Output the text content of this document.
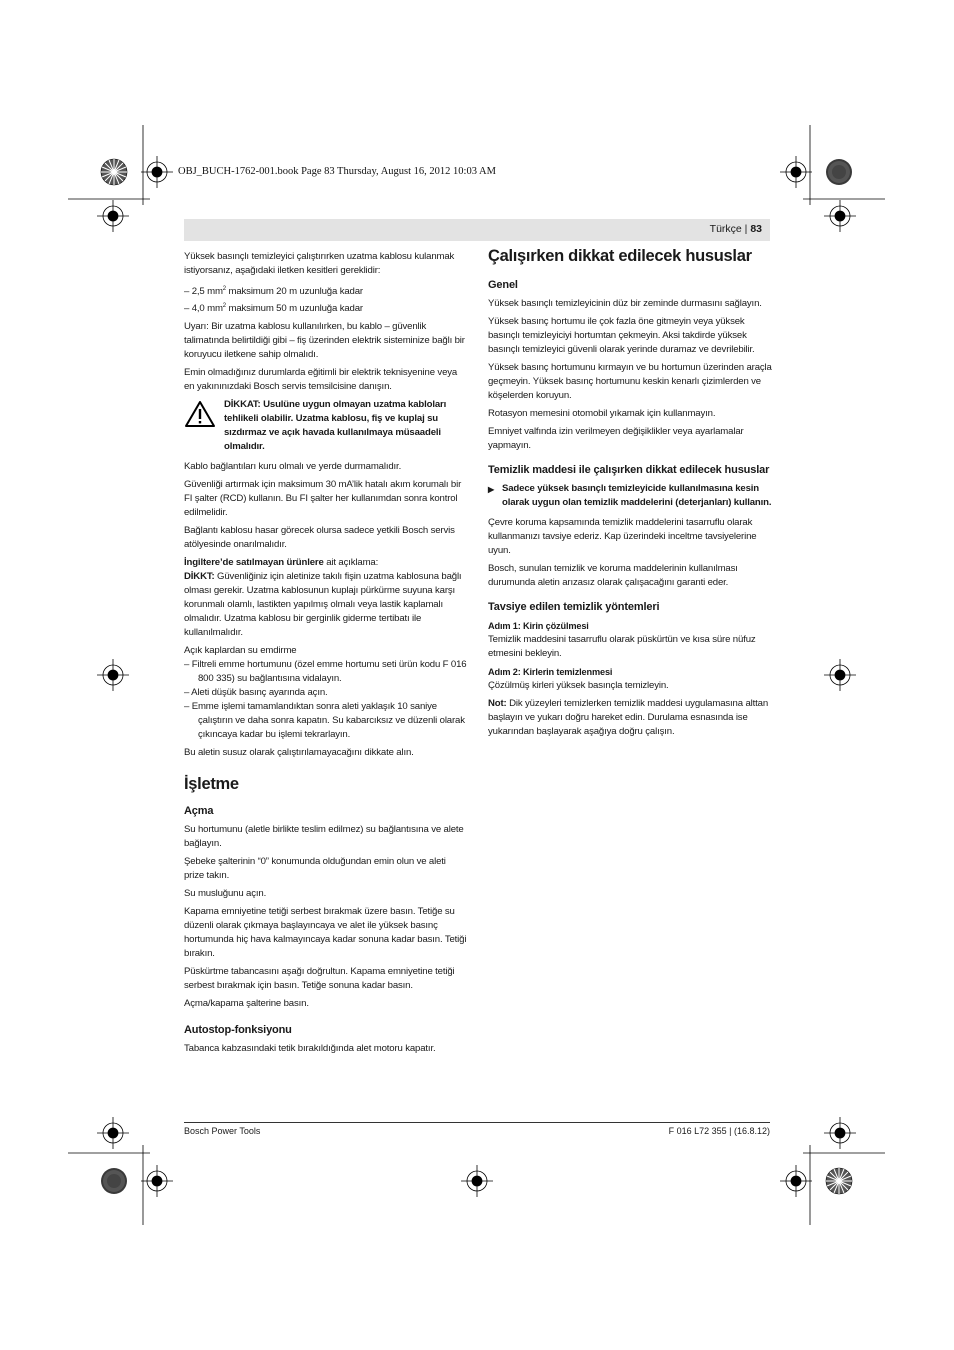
OBJ_BUCH-1762-001.book Page 83 Thursday, August 16, 2012 10:03 AM
Türkçe | 83

Yüksek basınçlı temizleyici çalıştırırken uzatma kablosu kulanmak istiyorsanız, aşağıdaki iletken kesitleri gereklidir:

– 2,5 $mm^2$ maksimum 20 m uzunluğa kadar

– 4,0 $mm^2$ maksimum 50 m uzunluğa kadar

Uyarı: Bir uzatma kablosu kullanılırken, bu kablo – güvenlik talimatında belirtildiği gibi – fiş üzerinden elektrik sisteminize bağlı bir koruyucu iletkene sahip olmalıdı.

Emin olmadığınız durumlarda eğitimli bir elektrik teknisyenine veya en yakınınızdaki Bosch servis temsilcisine danışın.

DİKKAT: Usulüne uygun olmayan uzatma kabloları tehlikeli olabilir. Uzatma kablosu, fiş ve kuplaj su sızdırmaz ve açık havada kullanılmaya müsaadeli olmalıdır.

Kablo bağlantıları kuru olmalı ve yerde durmamalıdır.

Güvenliği artırmak için maksimum 30 mA’lik hatalı akım korumalı bir FI şalter (RCD) kullanın. Bu FI şalter her kullanımdan sonra kontrol edilmelidir.

Bağlantı kablosu hasar görecek olursa sadece yetkili Bosch servis atölyesinde onarılmalıdır.

İngiltere’de satılmayan ürünlere ait açıklama:

DİKKT: Güvenliğiniz için aletinize takılı fişin uzatma kablosuna bağlı olması gerekir. Uzatma kablosunun kuplajı pürkürme suyuna karşı korunmalı olamlı, lastikten yapılmış olmalı veya lastik kaplamalı olmalıdır. Uzatma kablosu bir gerginlik giderme tertibatı ile kullanılmalıdır.

Açık kaplardan su emdirme

– Filtreli emme hortumunu (özel emme hortumu seti ürün kodu F 016 800 335) su bağlantısına vidalayın.

– Aleti düşük basınç ayarında açın.

– Emme işlemi tamamlandıktan sonra aleti yaklaşık 10 saniye çalıştırın ve daha sonra kapatın. Su kabarcıksız ve düzenli olarak çıkıncaya kadar bu işlemi tekrarlayın.

Bu aletin susuz olarak çalıştırılamayacağını dikkate alın.

İşletme
Açma

Su hortumunu (aletle birlikte teslim edilmez) su bağlantısına ve alete bağlayın.

Şebeke şalterinin “0” konumunda olduğundan emin olun ve aleti prize takın.

Su musluğunu açın.

Kapama emniyetine tetiği serbest bırakmak üzere basın. Tetiğe su düzenli olarak çıkmaya başlayıncaya ve alet ile yüksek basınç hortumunda hiç hava kalmayıncaya kadar sonuna kadar basın. Tetiği bırakın.

Püskürtme tabancasını aşağı doğrultun. Kapama emniyetine tetiği serbest bırakmak için basın. Tetiğe sonuna kadar basın.

Açma/kapama şalterine basın.

Autostop-fonksiyonu

Tabanca kabzasındaki tetik bırakıldığında alet motoru kapatır.

Çalışırken dikkat edilecek hususlar
Genel

Yüksek basınçlı temizleyicinin düz bir zeminde durmasını sağlayın.

Yüksek basınç hortumu ile çok fazla öne gitmeyin veya yüksek basınçlı temizleyiciyi hortumtan çekmeyin. Aksi takdirde yüksek basınçlı temizleyici güvenli olarak yerinde duramaz ve devrilebilir.

Yüksek basınç hortumunu kırmayın ve bu hortumun üzerinden araçla geçmeyin. Yüksek basınç hortumunu keskin kenarlı çizimlerden ve köşelerden koruyun.

Rotasyon memesini otomobil yıkamak için kullanmayın.

Emniyet valfında izin verilmeyen değişiklikler veya ayarlamalar yapmayın.

Temizlik maddesi ile çalışırken dikkat edilecek hususlar
▶ Sadece yüksek basınçlı temizleyicide kullanılmasına kesin olarak uygun olan temizlik maddelerini (deterjanları) kullanın.

Çevre koruma kapsamında temizlik maddelerini tasarruflu olarak kullanmanızı tavsiye ederiz. Kap üzerindeki inceltme tavsiyelerine uyun.

Bosch, sunulan temizlik ve koruma maddelerinin kullanılması durumunda aletin arızasız olarak çalışacağını garanti eder.

Tavsiye edilen temizlik yöntemleri

Adım 1: Kirin çözülmesi

Temizlik maddesini tasarruflu olarak püskürtün ve kısa süre nüfuz etmesini bekleyin.

Adım 2: Kirlerin temizlenmesi

Çözülmüş kirleri yüksek basınçla temizleyin.

Not: Dik yüzeyleri temizlerken temizlik maddesi uygulamasına alttan başlayın ve yukarı doğru hareket edin. Durulama esnasında ise yukarından başlayarak aşağıya doğru çalışın.

Bosch Power Tools	F 016 L72 355 | (16.8.12)
